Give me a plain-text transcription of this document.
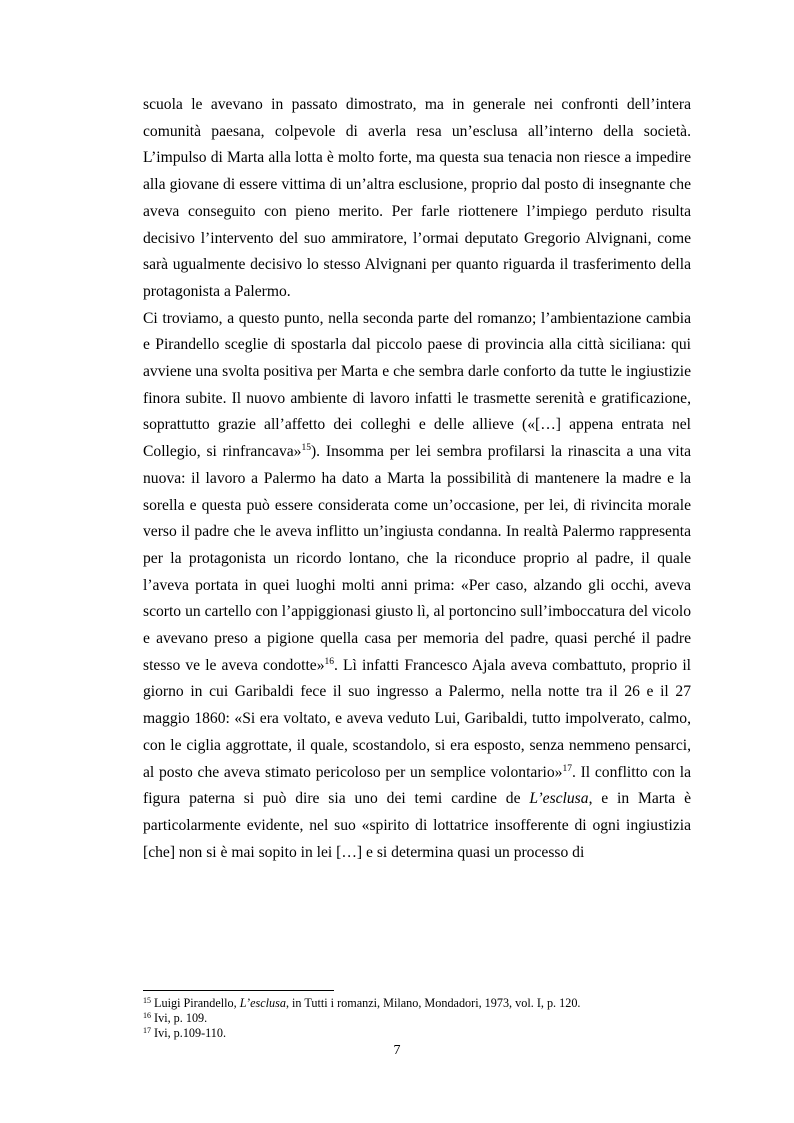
scuola le avevano in passato dimostrato, ma in generale nei confronti dell’intera comunità paesana, colpevole di averla resa un’esclusa all’interno della società. L’impulso di Marta alla lotta è molto forte, ma questa sua tenacia non riesce a impedire alla giovane di essere vittima di un’altra esclusione, proprio dal posto di insegnante che aveva conseguito con pieno merito. Per farle riottenere l’impiego perduto risulta decisivo l’intervento del suo ammiratore, l’ormai deputato Gregorio Alvignani, come sarà ugualmente decisivo lo stesso Alvignani per quanto riguarda il trasferimento della protagonista a Palermo.

Ci troviamo, a questo punto, nella seconda parte del romanzo; l’ambientazione cambia e Pirandello sceglie di spostarla dal piccolo paese di provincia alla città siciliana: qui avviene una svolta positiva per Marta e che sembra darle conforto da tutte le ingiustizie finora subite. Il nuovo ambiente di lavoro infatti le trasmette serenità e gratificazione, soprattutto grazie all’affetto dei colleghi e delle allieve («[…] appena entrata nel Collegio, si rinfrancava»$^{15}$). Insomma per lei sembra profilarsi la rinascita a una vita nuova: il lavoro a Palermo ha dato a Marta la possibilità di mantenere la madre e la sorella e questa può essere considerata come un’occasione, per lei, di rivincita morale verso il padre che le aveva inflitto un’ingiusta condanna. In realtà Palermo rappresenta per la protagonista un ricordo lontano, che la riconduce proprio al padre, il quale l’aveva portata in quei luoghi molti anni prima: «Per caso, alzando gli occhi, aveva scorto un cartello con l’appiggionasi giusto lì, al portoncino sull’imboccatura del vicolo e avevano preso a pigione quella casa per memoria del padre, quasi perché il padre stesso ve le aveva condotte»$^{16}$. Lì infatti Francesco Ajala aveva combattuto, proprio il giorno in cui Garibaldi fece il suo ingresso a Palermo, nella notte tra il 26 e il 27 maggio 1860: «Si era voltato, e aveva veduto Lui, Garibaldi, tutto impolverato, calmo, con le ciglia aggrottate, il quale, scostandolo, si era esposto, senza nemmeno pensarci, al posto che aveva stimato pericoloso per un semplice volontario»$^{17}$. Il conflitto con la figura paterna si può dire sia uno dei temi cardine de L’esclusa, e in Marta è particolarmente evidente, nel suo «spirito di lottatrice insofferente di ogni ingiustizia [che] non si è mai sopito in lei […] e si determina quasi un processo di

$^{15}$ Luigi Pirandello, L’esclusa, in Tutti i romanzi, Milano, Mondadori, 1973, vol. I, p. 120.

$^{16}$ Ivi, p. 109.

$^{17}$ Ivi, p.109-110.

7
